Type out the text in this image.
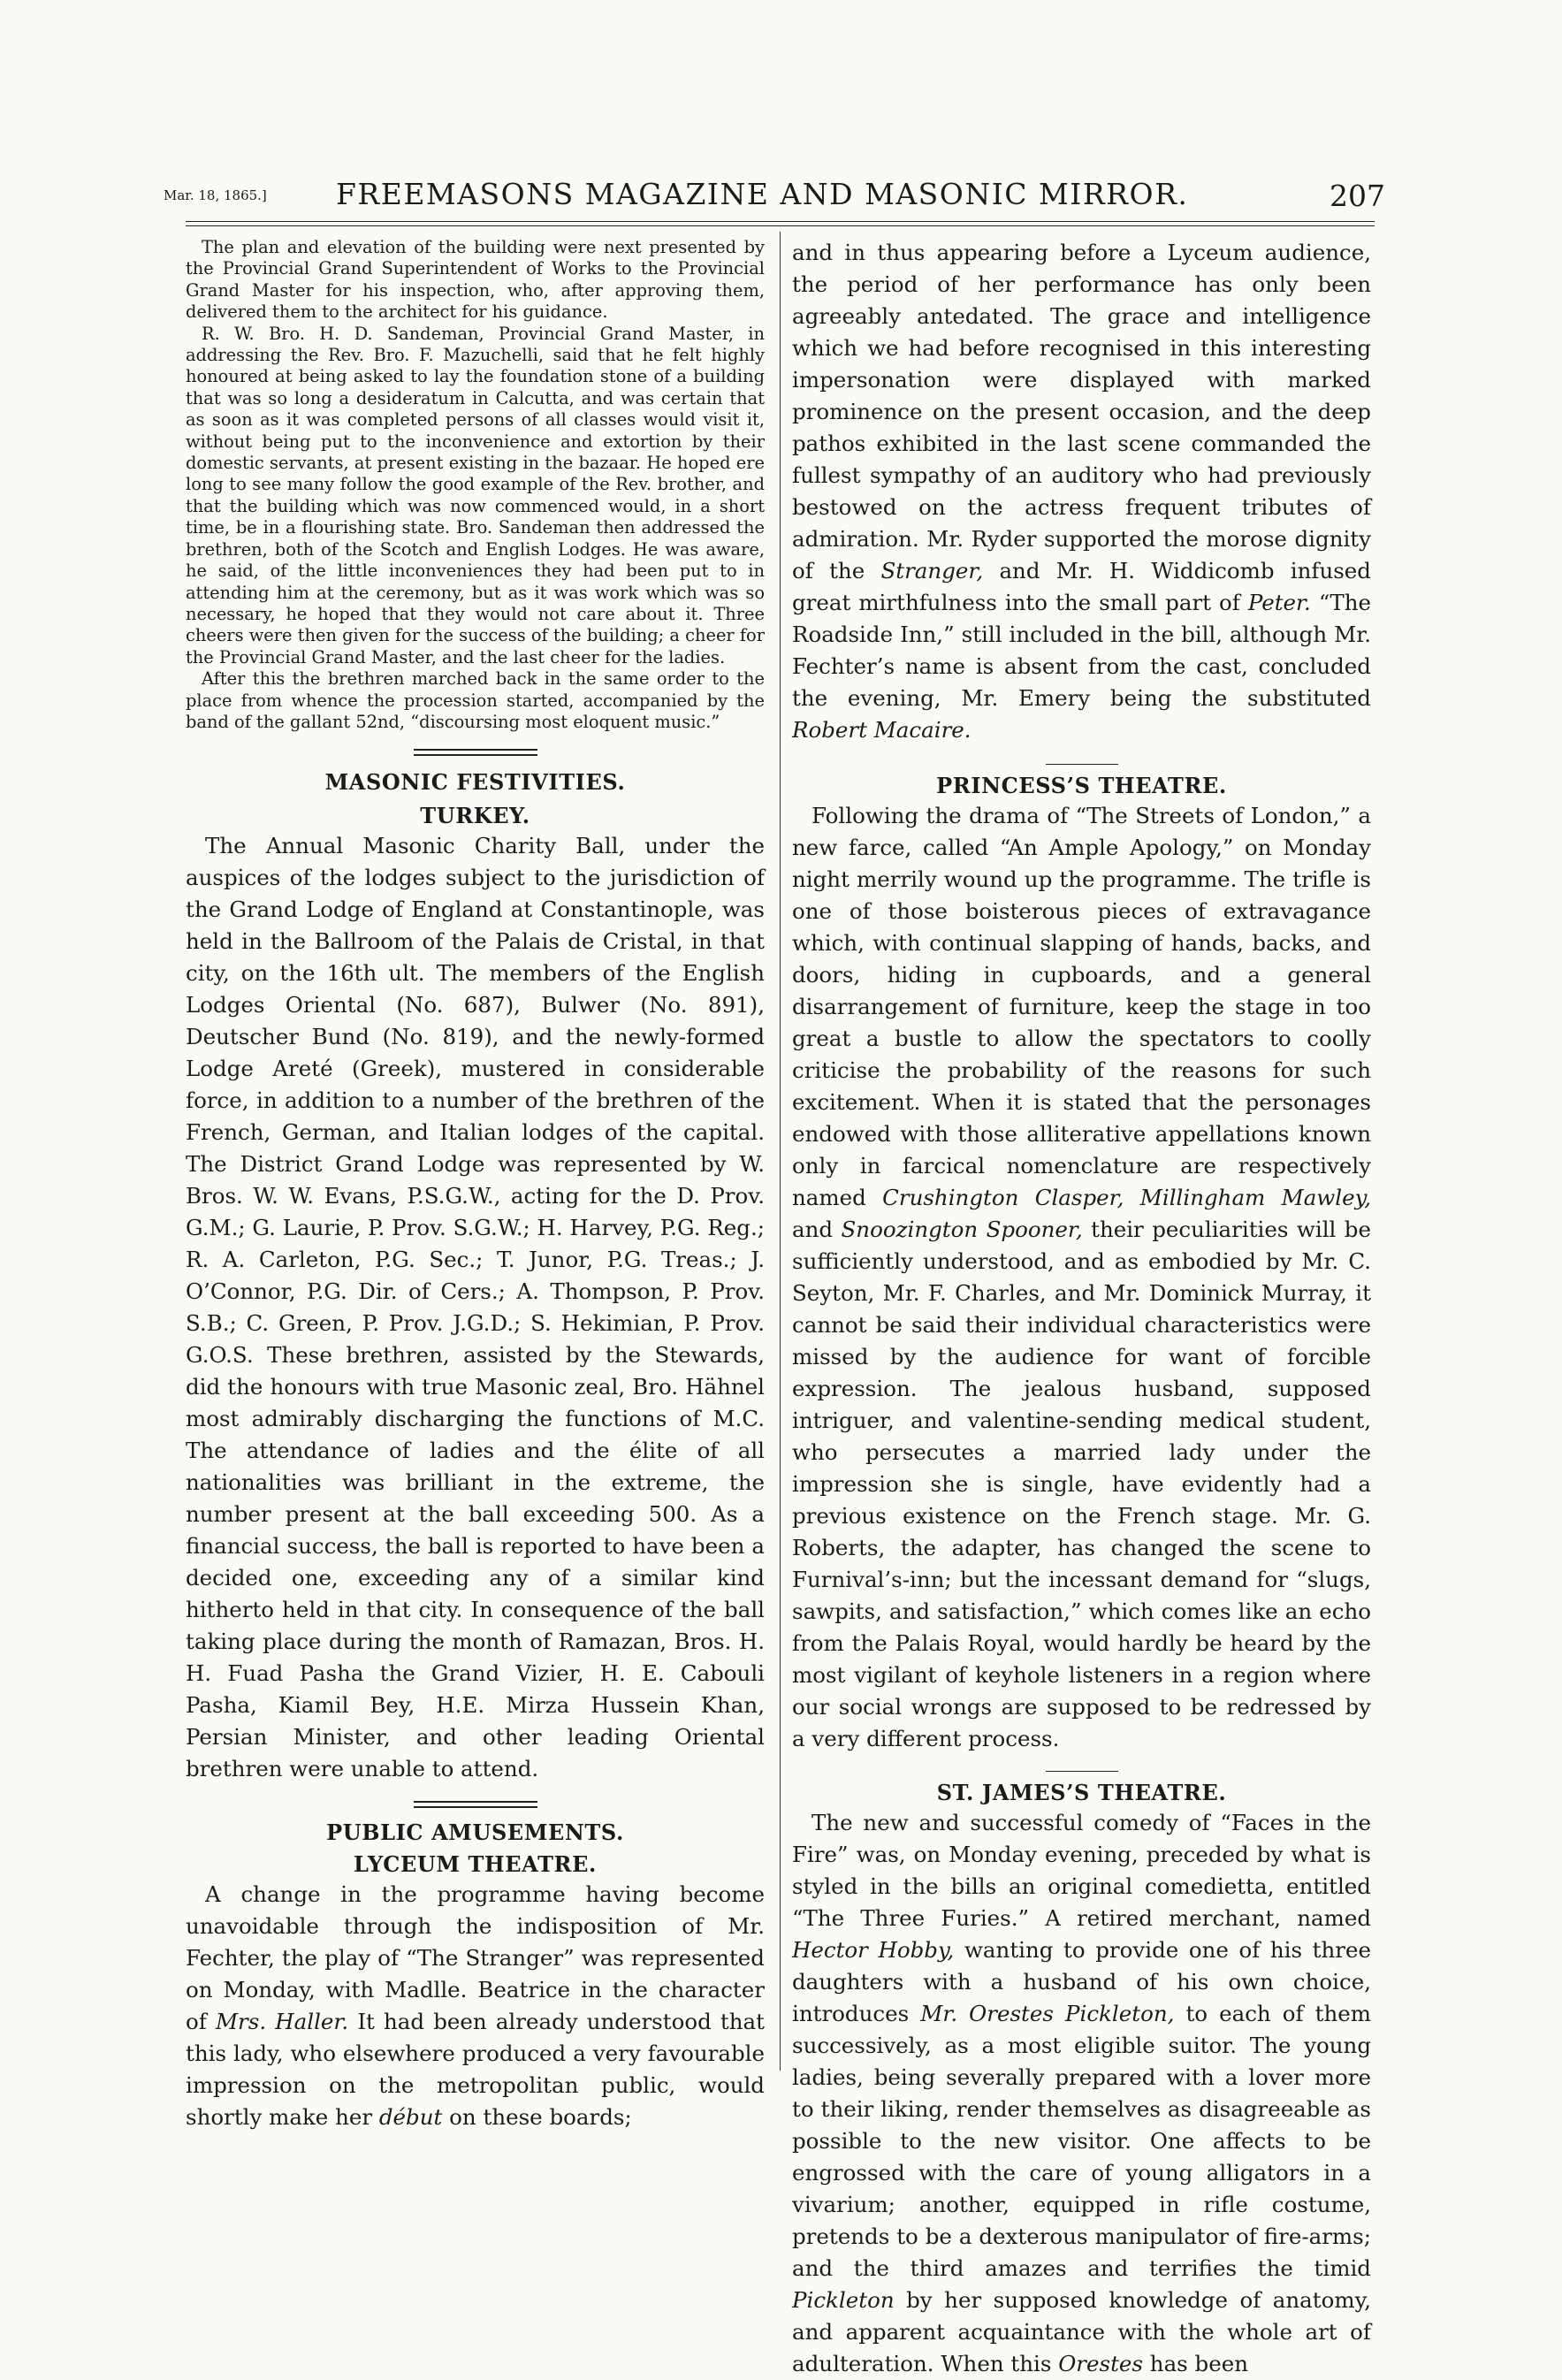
Mar. 18, 1865.] FREEMASONS MAGAZINE AND MASONIC MIRROR.	207

The plan and elevation of the building were next presented by the Provincial Grand Superintendent of Works to the Provincial Grand Master for his inspection, who, after approving them, delivered them to the architect for his guidance.

R. W. Bro. H. D. Sandeman, Provincial Grand Master, in addressing the Rev. Bro. F. Mazuchelli, said that he felt highly honoured at being asked to lay the foundation stone of a building that was so long a desideratum in Calcutta, and was certain that as soon as it was completed persons of all classes would visit it, without being put to the inconvenience and extortion by their domestic servants, at present existing in the bazaar. He hoped ere long to see many follow the good example of the Rev. brother, and that the building which was now commenced would, in a short time, be in a flourishing state. Bro. Sandeman then addressed the brethren, both of the Scotch and English Lodges. He was aware, he said, of the little inconveniences they had been put to in attending him at the ceremony, but as it was work which was so necessary, he hoped that they would not care about it. Three cheers were then given for the success of the building; a cheer for the Provincial Grand Master, and the last cheer for the ladies.

After this the brethren marched back in the same order to the place from whence the procession started, accompanied by the band of the gallant 52nd, “discoursing most eloquent music.”

MASONIC FESTIVITIES.
TURKEY.

The Annual Masonic Charity Ball, under the auspices of the lodges subject to the jurisdiction of the Grand Lodge of England at Constantinople, was held in the Ballroom of the Palais de Cristal, in that city, on the 16th ult. The members of the English Lodges Oriental (No. 687), Bulwer (No. 891), Deutscher Bund (No. 819), and the newly-formed Lodge Areté (Greek), mustered in considerable force, in addition to a number of the brethren of the French, German, and Italian lodges of the capital. The District Grand Lodge was represented by W. Bros. W. W. Evans, P.S.G.W., acting for the D. Prov. G.M.; G. Laurie, P. Prov. S.G.W.; H. Harvey, P.G. Reg.; R. A. Carleton, P.G. Sec.; T. Junor, P.G. Treas.; J. O’Connor, P.G. Dir. of Cers.; A. Thompson, P. Prov. S.B.; C. Green, P. Prov. J.G.D.; S. Hekimian, P. Prov. G.O.S. These brethren, assisted by the Stewards, did the honours with true Masonic zeal, Bro. Hähnel most admirably discharging the functions of M.C. The attendance of ladies and the élite of all nationalities was brilliant in the extreme, the number present at the ball exceeding 500. As a financial success, the ball is reported to have been a decided one, exceeding any of a similar kind hitherto held in that city. In consequence of the ball taking place during the month of Ramazan, Bros. H. H. Fuad Pasha the Grand Vizier, H. E. Cabouli Pasha, Kiamil Bey, H.E. Mirza Hussein Khan, Persian Minister, and other leading Oriental brethren were unable to attend.

PUBLIC AMUSEMENTS.
LYCEUM THEATRE.

A change in the programme having become unavoidable through the indisposition of Mr. Fechter, the play of “The Stranger” was represented on Monday, with Madlle. Beatrice in the character of Mrs. Haller. It had been already understood that this lady, who elsewhere produced a very favourable impression on the metropolitan public, would shortly make her début on these boards;

and in thus appearing before a Lyceum audience, the period of her performance has only been agreeably antedated. The grace and intelligence which we had before recognised in this interesting impersonation were displayed with marked prominence on the present occasion, and the deep pathos exhibited in the last scene commanded the fullest sympathy of an auditory who had previously bestowed on the actress frequent tributes of admiration. Mr. Ryder supported the morose dignity of the Stranger, and Mr. H. Widdicomb infused great mirthfulness into the small part of Peter. “The Roadside Inn,” still included in the bill, although Mr. Fechter’s name is absent from the cast, concluded the evening, Mr. Emery being the substituted Robert Macaire.

PRINCESS’S THEATRE.

Following the drama of “The Streets of London,” a new farce, called “An Ample Apology,” on Monday night merrily wound up the programme. The trifle is one of those boisterous pieces of extravagance which, with continual slapping of hands, backs, and doors, hiding in cupboards, and a general disarrangement of furniture, keep the stage in too great a bustle to allow the spectators to coolly criticise the probability of the reasons for such excitement. When it is stated that the personages endowed with those alliterative appellations known only in farcical nomenclature are respectively named Crushington Clasper, Millingham Mawley, and Snoozington Spooner, their peculiarities will be sufficiently understood, and as embodied by Mr. C. Seyton, Mr. F. Charles, and Mr. Dominick Murray, it cannot be said their individual characteristics were missed by the audience for want of forcible expression. The jealous husband, supposed intriguer, and valentine-sending medical student, who persecutes a married lady under the impression she is single, have evidently had a previous existence on the French stage. Mr. G. Roberts, the adapter, has changed the scene to Furnival’s-inn; but the incessant demand for “slugs, sawpits, and satisfaction,” which comes like an echo from the Palais Royal, would hardly be heard by the most vigilant of keyhole listeners in a region where our social wrongs are supposed to be redressed by a very different process.

ST. JAMES’S THEATRE.

The new and successful comedy of “Faces in the Fire” was, on Monday evening, preceded by what is styled in the bills an original comedietta, entitled “The Three Furies.” A retired merchant, named Hector Hobby, wanting to provide one of his three daughters with a husband of his own choice, introduces Mr. Orestes Pickleton, to each of them successively, as a most eligible suitor. The young ladies, being severally prepared with a lover more to their liking, render themselves as disagreeable as possible to the new visitor. One affects to be engrossed with the care of young alligators in a vivarium; another, equipped in rifle costume, pretends to be a dexterous manipulator of fire-arms; and the third amazes and terrifies the timid Pickleton by her supposed knowledge of anatomy, and apparent acquaintance with the whole art of adulteration. When this Orestes has been
